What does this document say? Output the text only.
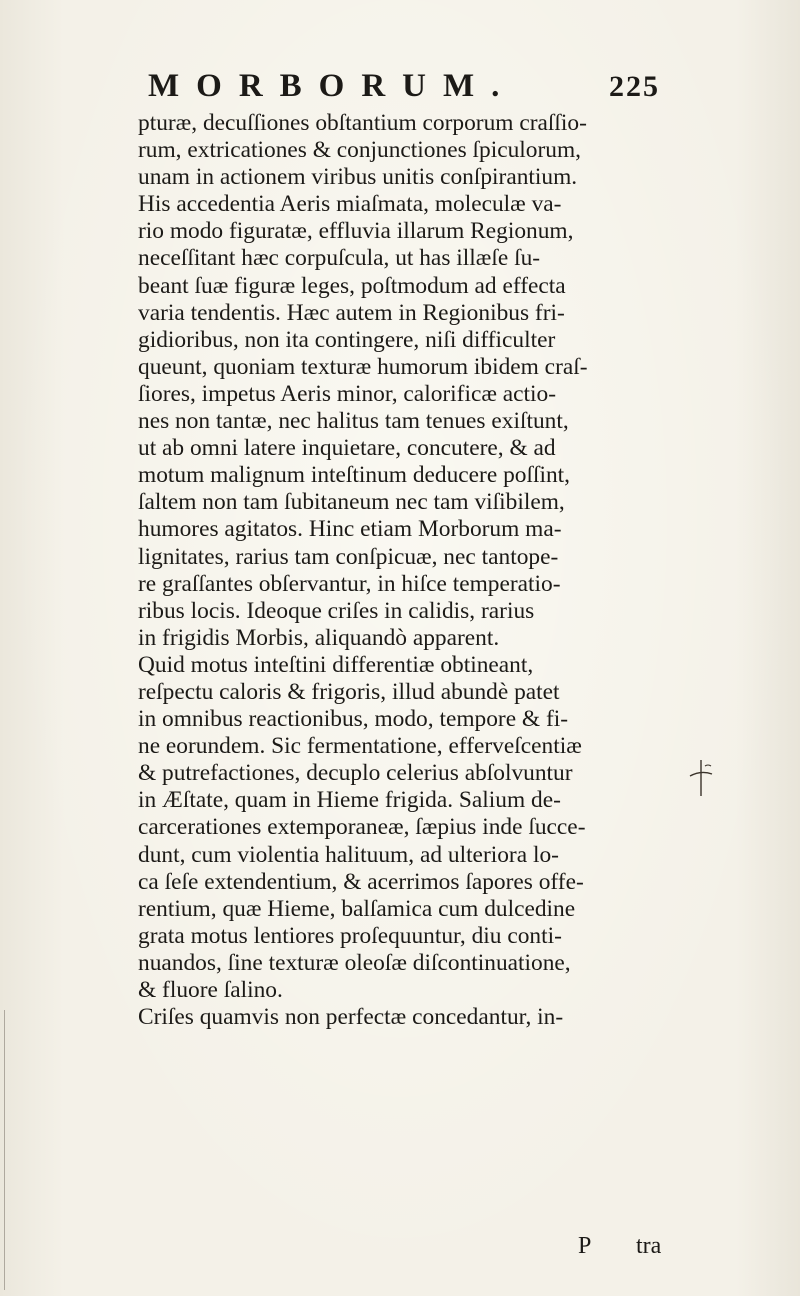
MORBORUM.	225

pturæ, decuſſiones obſtantium corporum craſſio-
rum, extricationes & conjunctiones ſpiculorum,
unam in actionem viribus unitis conſpirantium.
His accedentia Aeris miaſmata, moleculæ va-
rio modo figuratæ, effluvia illarum Regionum,
neceſſitant hæc corpuſcula, ut has illæſe ſu-
beant ſuæ figuræ leges, poſtmodum ad effecta
varia tendentis. Hæc autem in Regionibus fri-
gidioribus, non ita contingere, niſi difficulter
queunt, quoniam texturæ humorum ibidem craſ-
ſiores, impetus Aeris minor, calorificæ actio-
nes non tantæ, nec halitus tam tenues exiſtunt,
ut ab omni latere inquietare, concutere, & ad
motum malignum inteſtinum deducere poſſint,
ſaltem non tam ſubitaneum nec tam viſibilem,
humores agitatos. Hinc etiam Morborum ma-
lignitates, rarius tam conſpicuæ, nec tantope-
re graſſantes obſervantur, in hiſce temperatio-
ribus locis. Ideoque criſes in calidis, rarius
in frigidis Morbis, aliquandò apparent.
Quid motus inteſtini differentiæ obtineant,
reſpectu caloris & frigoris, illud abundè patet
in omnibus reactionibus, modo, tempore & fi-
ne eorundem. Sic fermentatione, efferveſcentiæ
& putrefactiones, decuplo celerius abſolvuntur
in Æſtate, quam in Hieme frigida. Salium de-
carcerationes extemporaneæ, ſæpius inde ſucce-
dunt, cum violentia halituum, ad ulteriora lo-
ca ſeſe extendentium, & acerrimos ſapores offe-
rentium, quæ Hieme, balſamica cum dulcedine
grata motus lentiores proſequuntur, diu conti-
nuandos, ſine texturæ oleoſæ diſcontinuatione,
& fluore ſalino.
Criſes quamvis non perfectæ concedantur, in-

P tra
